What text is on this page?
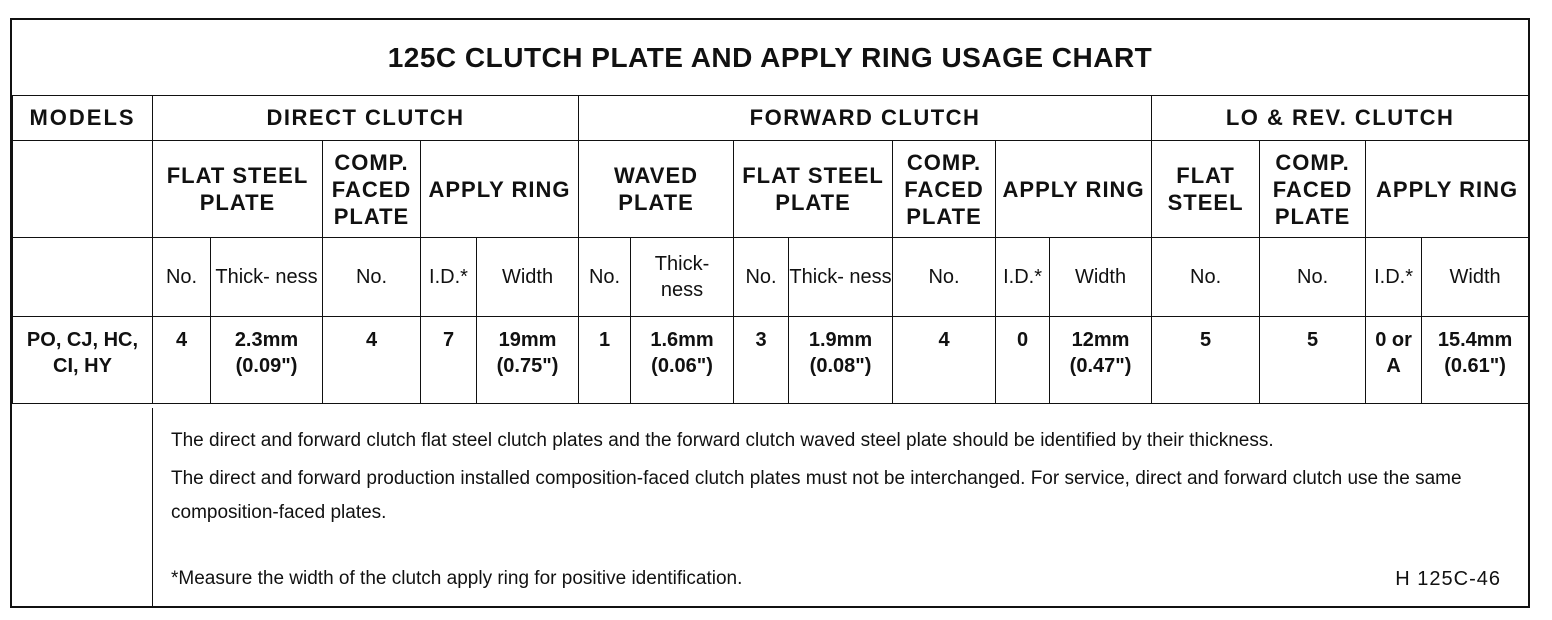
125C CLUTCH PLATE AND APPLY RING USAGE CHART
MODELS	DIRECT CLUTCH					FORWARD CLUTCH							LO & REV. CLUTCH			
	FLAT STEEL PLATE		COMP. FACED PLATE	APPLY RING		WAVED PLATE		FLAT STEEL PLATE		COMP. FACED PLATE	APPLY RING		FLAT STEEL	COMP. FACED PLATE	APPLY RING	
	No.	Thick- ness	No.	I.D.*	Width	No.	Thick- ness	No.	Thick- ness	No.	I.D.*	Width	No.	No.	I.D.*	Width
PO, CJ, HC, CI, HY	4	2.3mm (0.09")	4	7	19mm (0.75")	1	1.6mm (0.06")	3	1.9mm (0.08")	4	0	12mm (0.47")	5	5	0 or A	15.4mm (0.61")

The direct and forward clutch flat steel clutch plates and the forward clutch waved steel plate should be identified by their thickness.

The direct and forward production installed composition-faced clutch plates must not be interchanged. For service, direct and forward clutch use the same composition-faced plates.

*Measure the width of the clutch apply ring for positive identification.	H 125C-46
